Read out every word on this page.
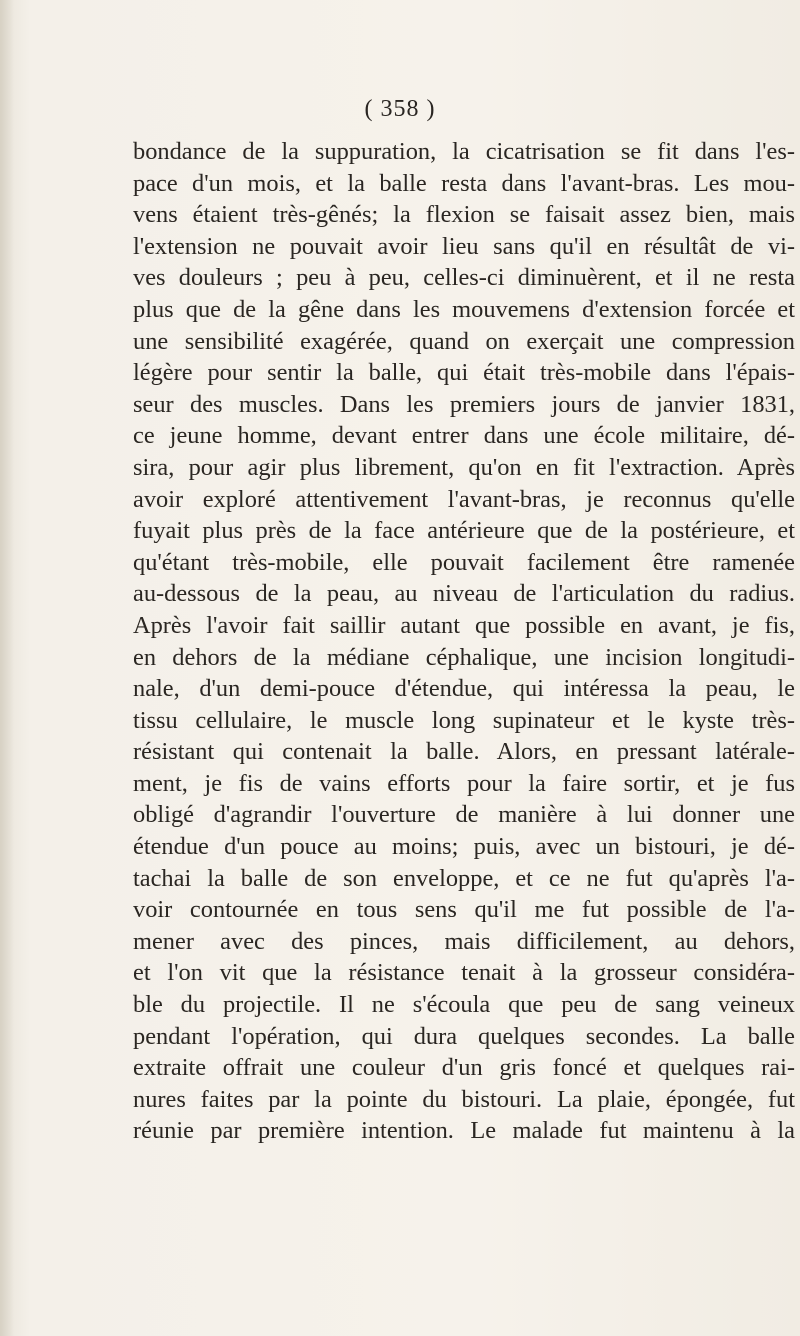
( 358 )
bondance de la suppuration, la cicatrisation se fit dans l'es-
pace d'un mois, et la balle resta dans l'avant-bras. Les mou-
vens étaient très-gênés; la flexion se faisait assez bien, mais
l'extension ne pouvait avoir lieu sans qu'il en résultât de vi-
ves douleurs ; peu à peu, celles-ci diminuèrent, et il ne resta
plus que de la gêne dans les mouvemens d'extension forcée et
une sensibilité exagérée, quand on exerçait une compression
légère pour sentir la balle, qui était très-mobile dans l'épais-
seur des muscles. Dans les premiers jours de janvier 1831,
ce jeune homme, devant entrer dans une école militaire, dé-
sira, pour agir plus librement, qu'on en fit l'extraction. Après
avoir exploré attentivement l'avant-bras, je reconnus qu'elle
fuyait plus près de la face antérieure que de la postérieure, et
qu'étant très-mobile, elle pouvait facilement être ramenée
au-dessous de la peau, au niveau de l'articulation du radius.
Après l'avoir fait saillir autant que possible en avant, je fis,
en dehors de la médiane céphalique, une incision longitudi-
nale, d'un demi-pouce d'étendue, qui intéressa la peau, le
tissu cellulaire, le muscle long supinateur et le kyste très-
résistant qui contenait la balle. Alors, en pressant latérale-
ment, je fis de vains efforts pour la faire sortir, et je fus
obligé d'agrandir l'ouverture de manière à lui donner une
étendue d'un pouce au moins; puis, avec un bistouri, je dé-
tachai la balle de son enveloppe, et ce ne fut qu'après l'a-
voir contournée en tous sens qu'il me fut possible de l'a-
mener avec des pinces, mais difficilement, au dehors,
et l'on vit que la résistance tenait à la grosseur considéra-
ble du projectile. Il ne s'écoula que peu de sang veineux
pendant l'opération, qui dura quelques secondes. La balle
extraite offrait une couleur d'un gris foncé et quelques rai-
nures faites par la pointe du bistouri. La plaie, épongée, fut
réunie par première intention. Le malade fut maintenu à la
